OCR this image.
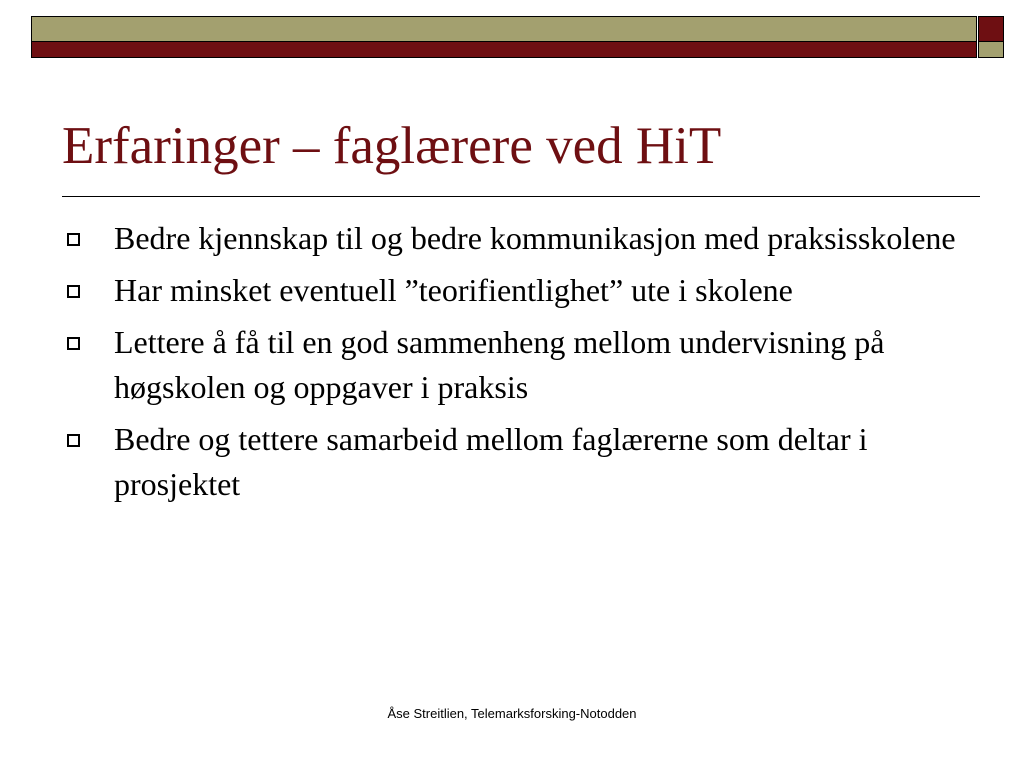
Erfaringer – faglærere ved HiT
Bedre kjennskap til og bedre kommunikasjon med praksisskolene
Har minsket eventuell ”teorifientlighet” ute i skolene
Lettere å få til en god sammenheng mellom undervisning på høgskolen og oppgaver i praksis
Bedre og tettere samarbeid mellom faglærerne som deltar i prosjektet
Åse Streitlien, Telemarksforsking-Notodden
